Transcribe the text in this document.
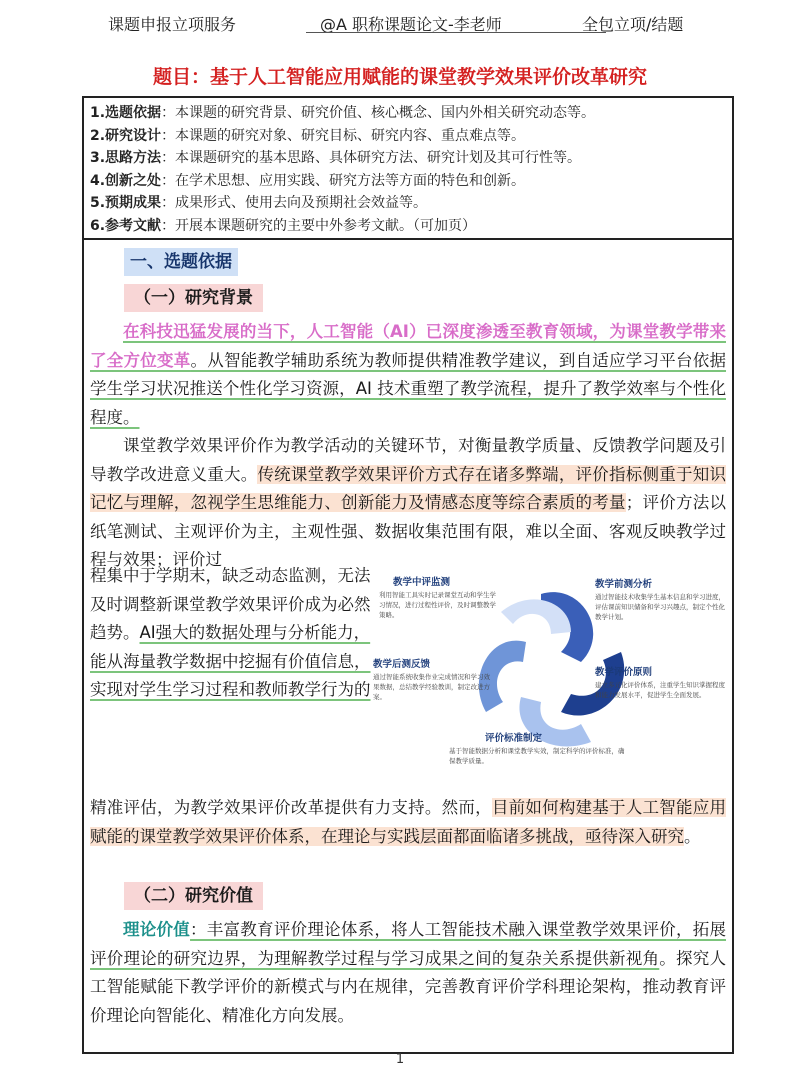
课题申报立项服务	@A 职称课题论文-李老师	全包立项/结题
题目：基于人工智能应用赋能的课堂教学效果评价改革研究
1.选题依据：本课题的研究背景、研究价值、核心概念、国内外相关研究动态等。
2.研究设计：本课题的研究对象、研究目标、研究内容、重点难点等。
3.思路方法：本课题研究的基本思路、具体研究方法、研究计划及其可行性等。
4.创新之处：在学术思想、应用实践、研究方法等方面的特色和创新。
5.预期成果：成果形式、使用去向及预期社会效益等。
6.参考文献：开展本课题研究的主要中外参考文献。（可加页）
一、选题依据
（一）研究背景
在科技迅猛发展的当下，人工智能（AI）已深度渗透至教育领域，为课堂教学带来了全方位变革。从智能教学辅助系统为教师提供精准教学建议，到自适应学习平台依据学生学习状况推送个性化学习资源，AI 技术重塑了教学流程，提升了教学效率与个性化程度。
课堂教学效果评价作为教学活动的关键环节，对衡量教学质量、反馈教学问题及引导教学改进意义重大。传统课堂教学效果评价方式存在诸多弊端，评价指标侧重于知识记忆与理解，忽视学生思维能力、创新能力及情感态度等综合素质的考量；评价方法以纸笔测试、主观评价为主，主观性强、数据收集范围有限，难以全面、客观反映教学过程与效果；评价过
程集中于学期末，缺乏动态监测，无法及时调整新课堂教学效果评价成为必然趋势。AI强大的数据处理与分析能力，能从海量教学数据中挖掘有价值信息，实现对学生学习过程和教师教学行为的
精准评估，为教学效果评价改革提供有力支持。然而，目前如何构建基于人工智能应用赋能的课堂教学效果评价体系，在理论与实践层面都面临诸多挑战，亟待深入研究。
（二）研究价值
理论价值：丰富教育评价理论体系，将人工智能技术融入课堂教学效果评价，拓展评价理论的研究边界，为理解教学过程与学习成果之间的复杂关系提供新视角。探究人工智能赋能下教学评价的新模式与内在规律，完善教育评价学科理论架构，推动教育评价理论向智能化、精准化方向发展。
教学中评监测
利用智能工具实时记录课堂互动和学生学习情况，进行过程性评价，及时调整教学策略。
教学前测分析
通过智能技术收集学生基本信息和学习进度，评估课前知识储备和学习兴趣点，制定个性化教学计划。
教学后测反馈
通过智能系统收集作业完成情况和学习效果数据，总结教学经验教训，制定改进方案。
教学评价原则
建立多元化评价体系，注重学生知识掌握程度和能力发展水平，促进学生全面发展。
评价标准制定
基于智能数据分析和课堂教学实效，制定科学的评价标准，确保教学质量。
1
